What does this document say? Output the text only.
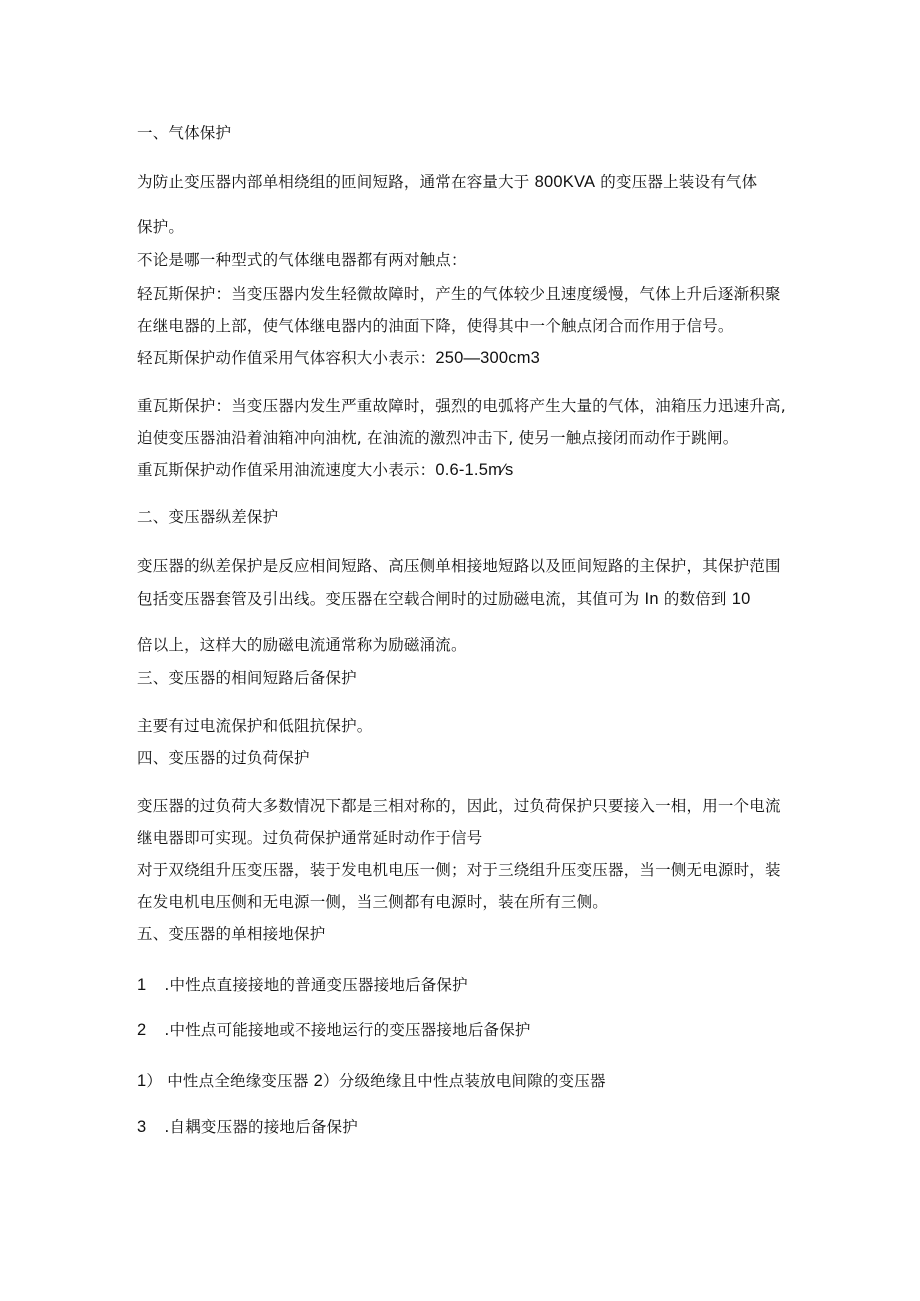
一、气体保护
为防止变压器内部单相绕组的匝间短路，通常在容量大于 800KVA 的变压器上装设有气体
保护。
不论是哪一种型式的气体继电器都有两对触点：
轻瓦斯保护：当变压器内发生轻微故障时，产生的气体较少且速度缓慢，气体上升后逐渐积聚
在继电器的上部，使气体继电器内的油面下降，使得其中一个触点闭合而作用于信号。
轻瓦斯保护动作值采用气体容积大小表示：250—300cm3
重瓦斯保护：当变压器内发生严重故障时，强烈的电弧将产生大量的气体，油箱压力迅速升高,
迫使变压器油沿着油箱冲向油枕, 在油流的激烈冲击下, 使另一触点接闭而动作于跳闸。
重瓦斯保护动作值采用油流速度大小表示：0.6-1.5m∕s
二、变压器纵差保护
变压器的纵差保护是反应相间短路、高压侧单相接地短路以及匝间短路的主保护，其保护范围
包括变压器套管及引出线。变压器在空载合闸时的过励磁电流，其值可为 In 的数倍到 10
倍以上，这样大的励磁电流通常称为励磁涌流。
三、变压器的相间短路后备保护
主要有过电流保护和低阻抗保护。
四、变压器的过负荷保护
变压器的过负荷大多数情况下都是三相对称的，因此，过负荷保护只要接入一相，用一个电流
继电器即可实现。过负荷保护通常延时动作于信号
对于双绕组升压变压器，装于发电机电压一侧；对于三绕组升压变压器，当一侧无电源时，装
在发电机电压侧和无电源一侧，当三侧都有电源时，装在所有三侧。
五、变压器的单相接地保护
1 .中性点直接接地的普通变压器接地后备保护
2 .中性点可能接地或不接地运行的变压器接地后备保护
1） 中性点全绝缘变压器 2）分级绝缘且中性点装放电间隙的变压器
3 .自耦变压器的接地后备保护
